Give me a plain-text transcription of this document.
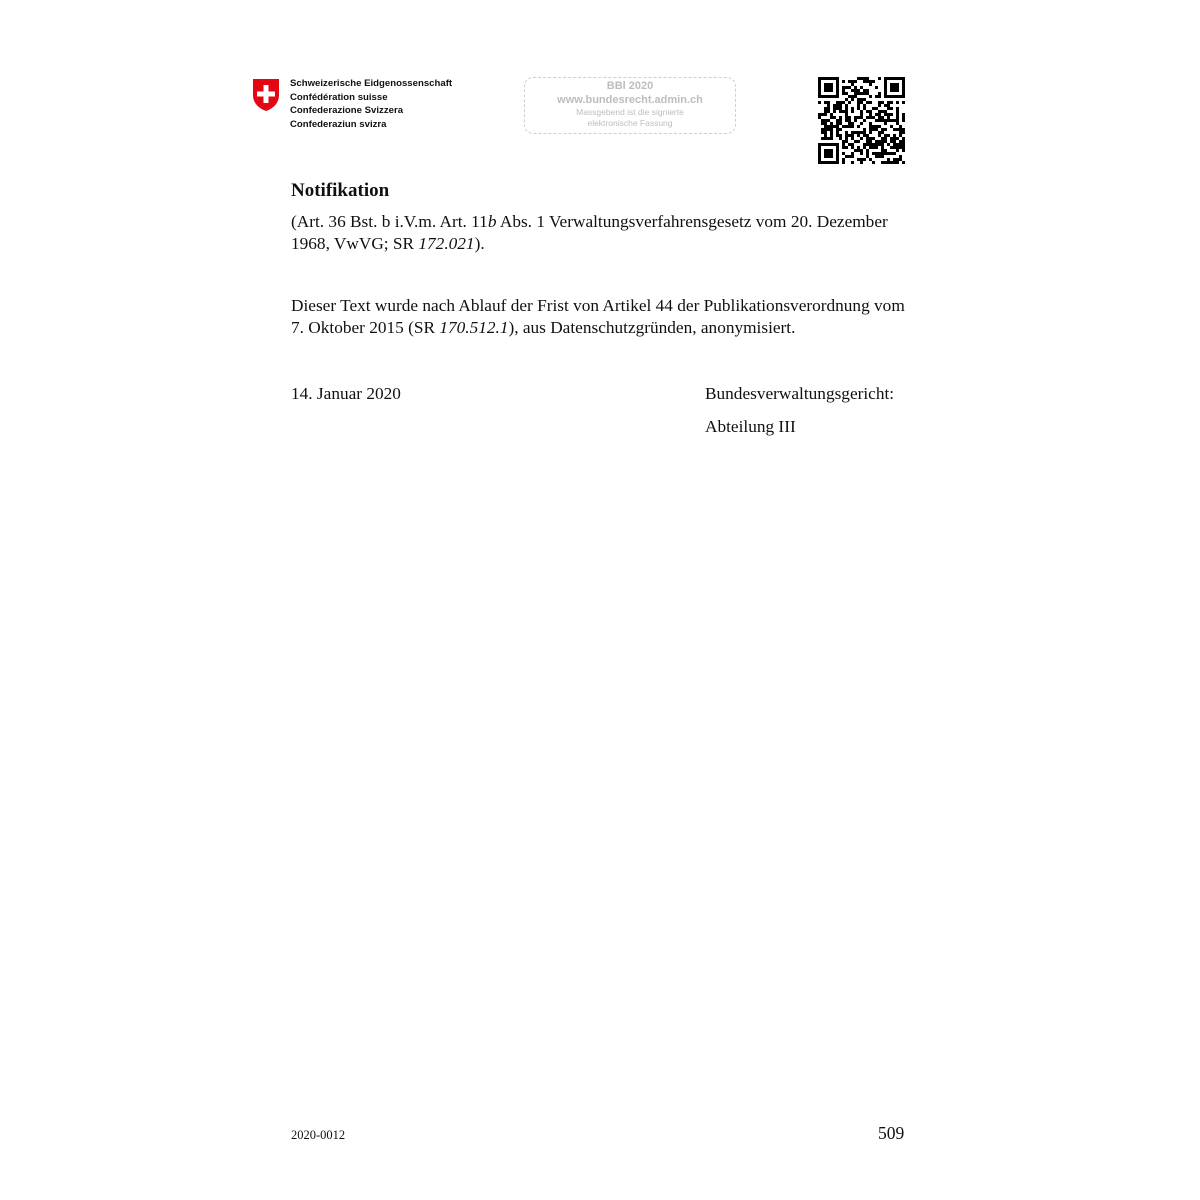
Schweizerische Eidgenossenschaft
Confédération suisse
Confederazione Svizzera
Confederaziun svizra
BBl 2020
www.bundesrecht.admin.ch
Massgebend ist die signierte
elektronische Fassung
Notifikation
(Art. 36 Bst. b i.V.m. Art. 11b Abs. 1 Verwaltungsverfahrensgesetz vom 20. Dezember 1968, VwVG; SR 172.021).
Dieser Text wurde nach Ablauf der Frist von Artikel 44 der Publikationsverordnung vom 7. Oktober 2015 (SR 170.512.1), aus Datenschutzgründen, anonymisiert.
14. Januar 2020	Bundesverwaltungsgericht:
Abteilung III
2020-0012	509
